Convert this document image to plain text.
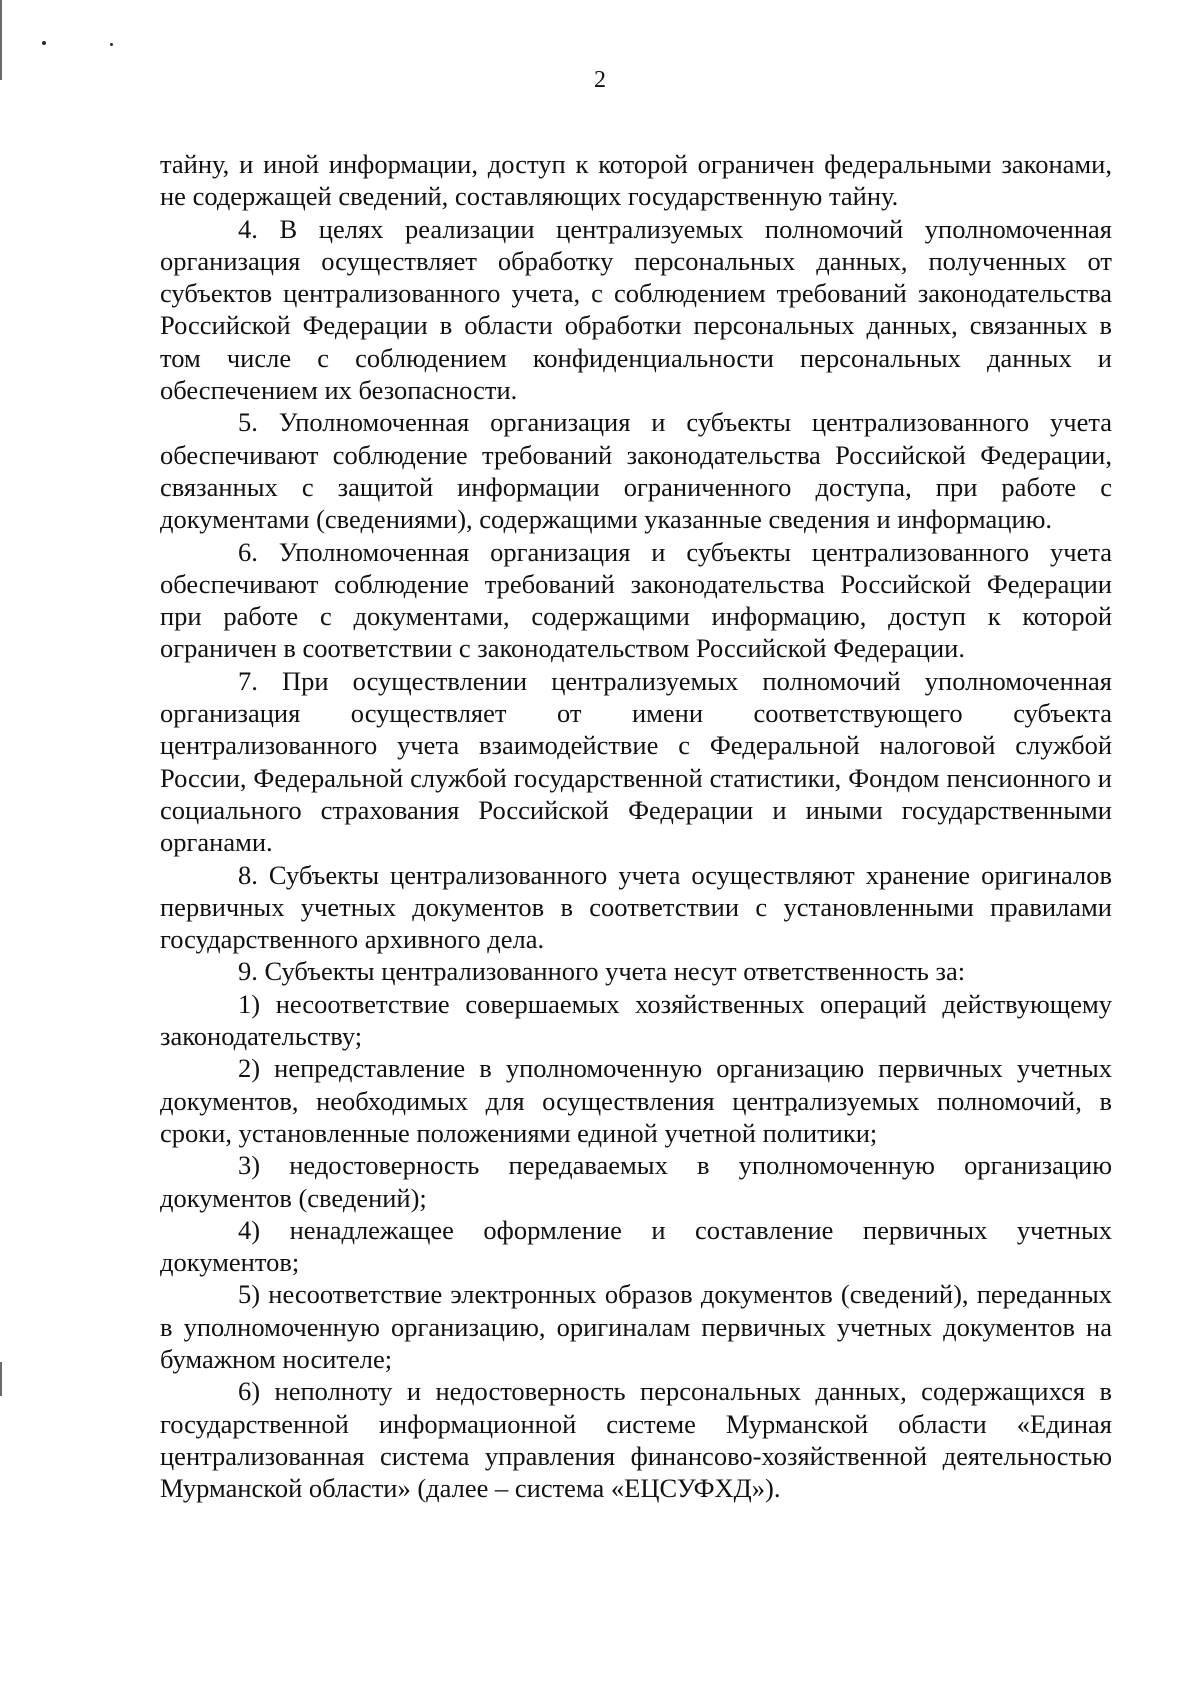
2

тайну, и иной информации, доступ к которой ограничен федеральными законами, не содержащей сведений, составляющих государственную тайну.

4. В целях реализации централизуемых полномочий уполномоченная организация осуществляет обработку персональных данных, полученных от субъектов централизованного учета, с соблюдением требований законодательства Российской Федерации в области обработки персональных данных, связанных в том числе с соблюдением конфиденциальности персональных данных и обеспечением их безопасности.

5. Уполномоченная организация и субъекты централизованного учета обеспечивают соблюдение требований законодательства Российской Федерации, связанных с защитой информации ограниченного доступа, при работе с документами (сведениями), содержащими указанные сведения и информацию.

6. Уполномоченная организация и субъекты централизованного учета обеспечивают соблюдение требований законодательства Российской Федерации при работе с документами, содержащими информацию, доступ к которой ограничен в соответствии с законодательством Российской Федерации.

7. При осуществлении централизуемых полномочий уполномоченная организация осуществляет от имени соответствующего субъекта централизованного учета взаимодействие с Федеральной налоговой службой России, Федеральной службой государственной статистики, Фондом пенсионного и социального страхования Российской Федерации и иными государственными органами.

8. Субъекты централизованного учета осуществляют хранение оригиналов первичных учетных документов в соответствии с установленными правилами государственного архивного дела.

9. Субъекты централизованного учета несут ответственность за:

1) несоответствие совершаемых хозяйственных операций действующему законодательству;

2) непредставление в уполномоченную организацию первичных учетных документов, необходимых для осуществления централизуемых полномочий, в сроки, установленные положениями единой учетной политики;

3) недостоверность передаваемых в уполномоченную организацию документов (сведений);

4) ненадлежащее оформление и составление первичных учетных документов;

5) несоответствие электронных образов документов (сведений), переданных в уполномоченную организацию, оригиналам первичных учетных документов на бумажном носителе;

6) неполноту и недостоверность персональных данных, содержащихся в государственной информационной системе Мурманской области «Единая централизованная система управления финансово-хозяйственной деятельностью Мурманской области» (далее – система «ЕЦСУФХД»).
